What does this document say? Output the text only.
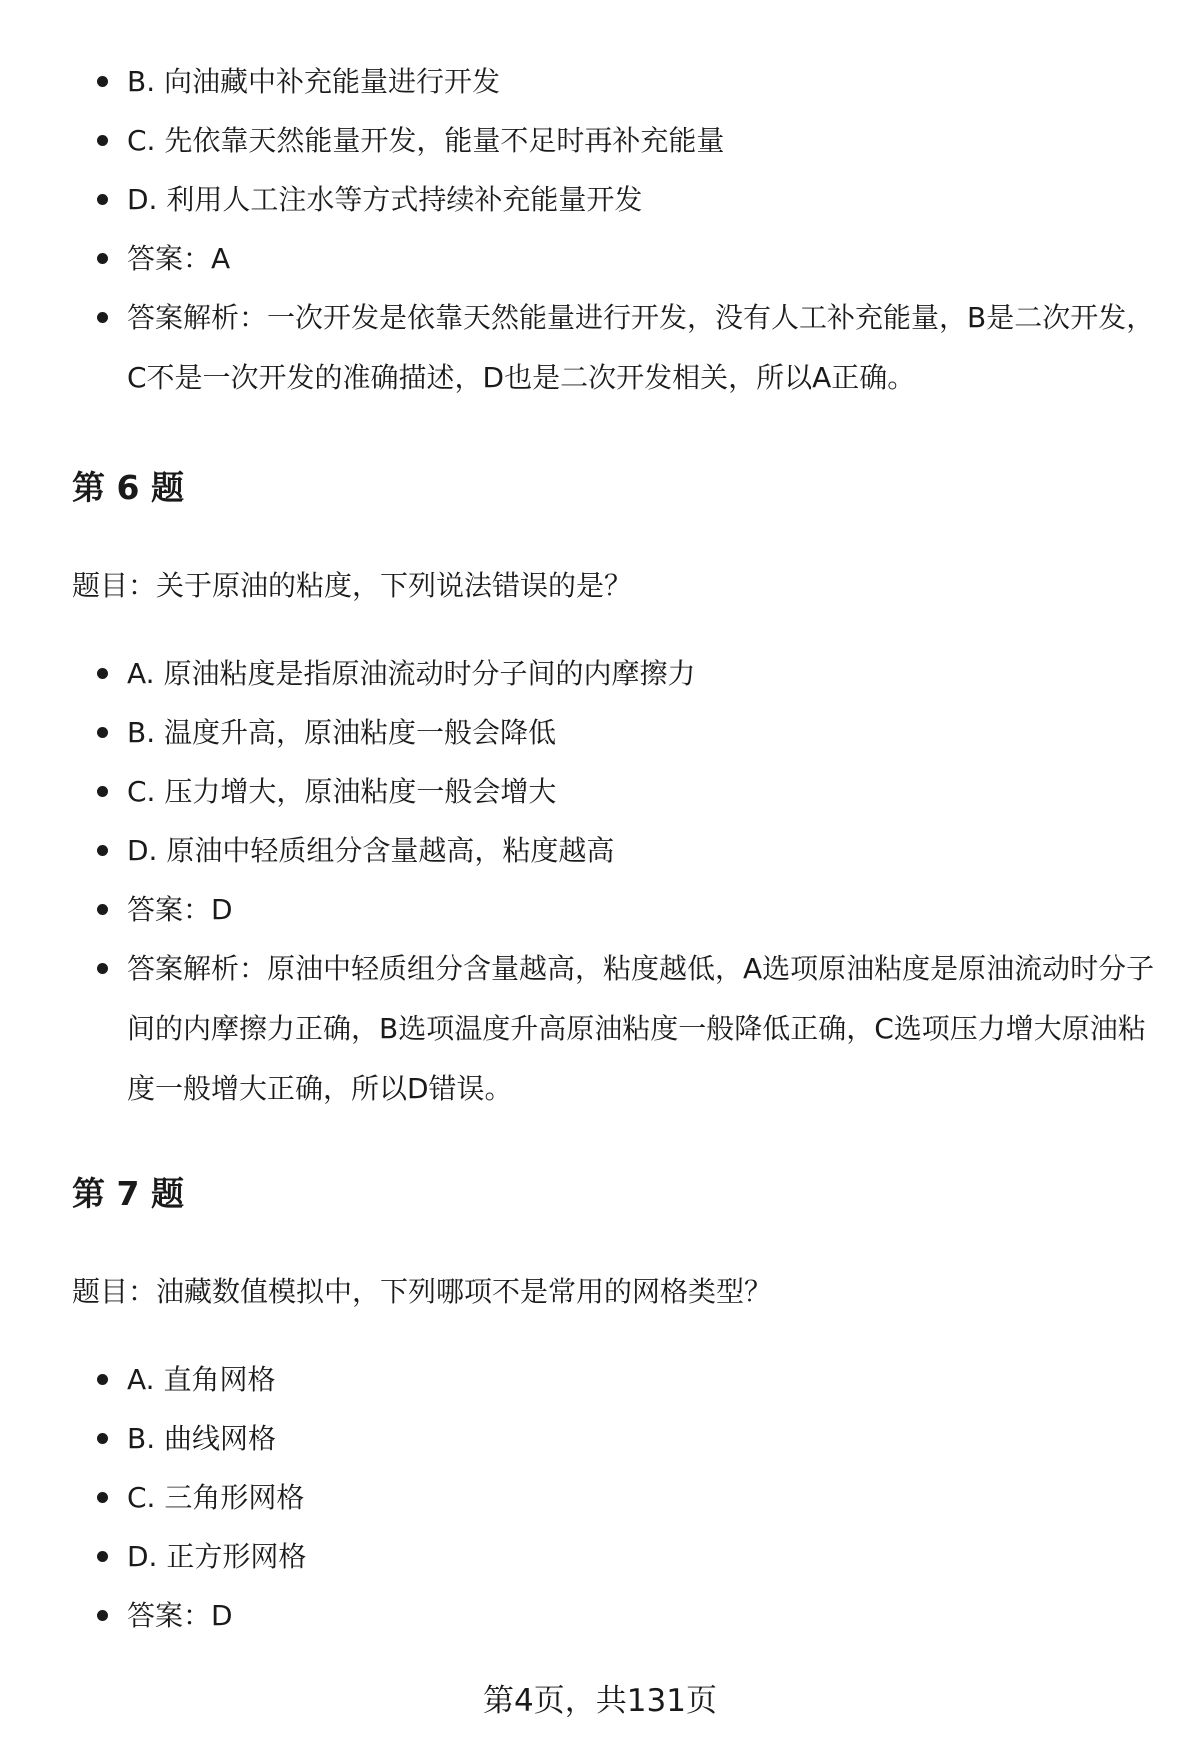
B. 向油藏中补充能量进行开发
C. 先依靠天然能量开发，能量不足时再补充能量
D. 利用人工注水等方式持续补充能量开发
答案：A
答案解析：一次开发是依靠天然能量进行开发，没有人工补充能量，B是二次开发，C不是一次开发的准确描述，D也是二次开发相关，所以A正确。
第 6 题

题目：关于原油的粘度，下列说法错误的是？

A. 原油粘度是指原油流动时分子间的内摩擦力
B. 温度升高，原油粘度一般会降低
C. 压力增大，原油粘度一般会增大
D. 原油中轻质组分含量越高，粘度越高
答案：D
答案解析：原油中轻质组分含量越高，粘度越低，A选项原油粘度是原油流动时分子间的内摩擦力正确，B选项温度升高原油粘度一般降低正确，C选项压力增大原油粘度一般增大正确，所以D错误。
第 7 题

题目：油藏数值模拟中，下列哪项不是常用的网格类型？

A. 直角网格
B. 曲线网格
C. 三角形网格
D. 正方形网格
答案：D
第4页，共131页
